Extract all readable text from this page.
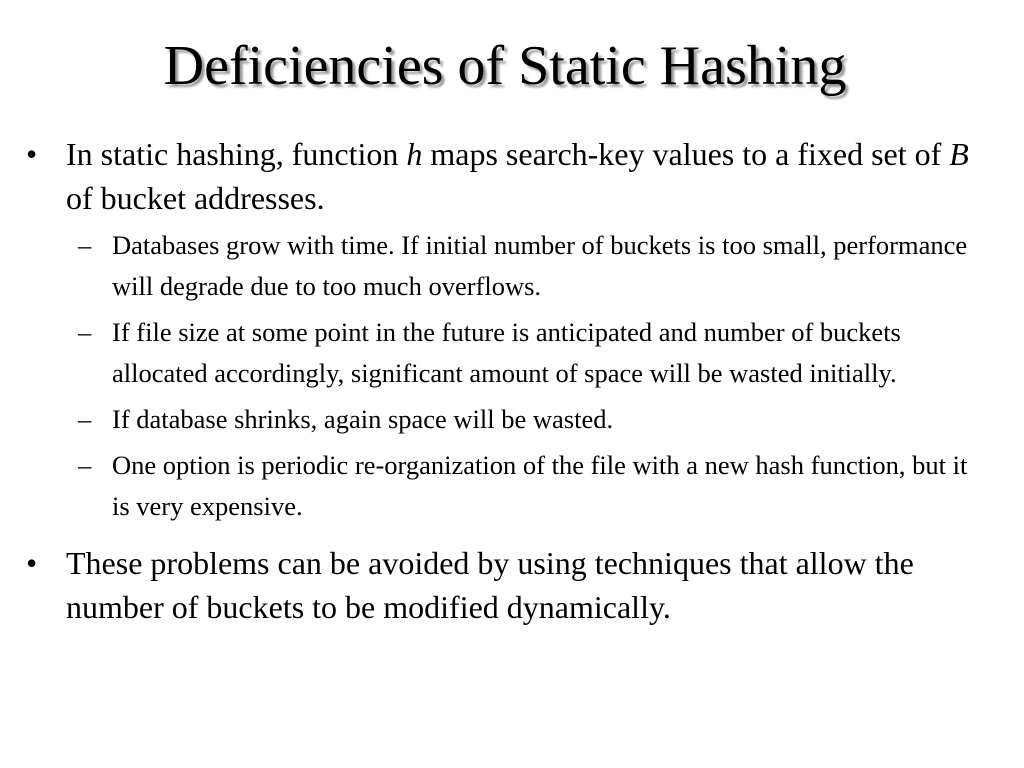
Deficiencies of Static Hashing
• In static hashing, function h maps search-key values to a fixed set of B of bucket addresses.
– Databases grow with time. If initial number of buckets is too small, performance will degrade due to too much overflows.
– If file size at some point in the future is anticipated and number of buckets allocated accordingly, significant amount of space will be wasted initially.
– If database shrinks, again space will be wasted.
– One option is periodic re-organization of the file with a new hash function, but it is very expensive.
• These problems can be avoided by using techniques that allow the number of buckets to be modified dynamically.
